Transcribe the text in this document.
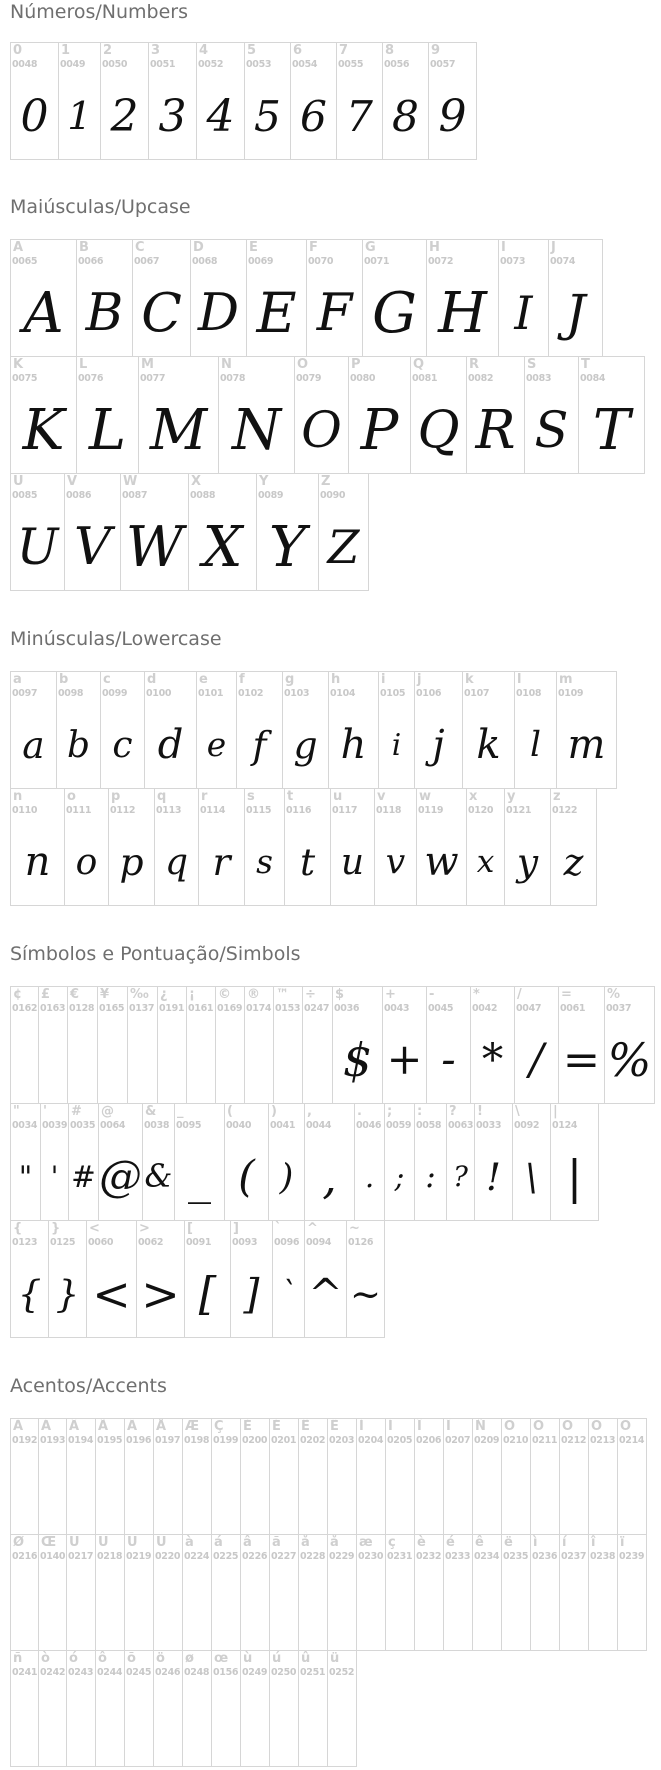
Números/Numbers
0
0048
0
1
0049
1
2
0050
2
3
0051
3
4
0052
4
5
0053
5
6
0054
6
7
0055
7
8
0056
8
9
0057
9
Maiúsculas/Upcase
A
0065
A
B
0066
B
C
0067
C
D
0068
D
E
0069
E
F
0070
F
G
0071
G
H
0072
H
I
0073
I
J
0074
J
K
0075
K
L
0076
L
M
0077
M
N
0078
N
O
0079
O
P
0080
P
Q
0081
Q
R
0082
R
S
0083
S
T
0084
T
U
0085
U
V
0086
V
W
0087
W
X
0088
X
Y
0089
Y
Z
0090
Z
Minúsculas/Lowercase
a
0097
a
b
0098
b
c
0099
c
d
0100
d
e
0101
e
f
0102
f
g
0103
g
h
0104
h
i
0105
i
j
0106
j
k
0107
k
l
0108
l
m
0109
m
n
0110
n
o
0111
o
p
0112
p
q
0113
q
r
0114
r
s
0115
s
t
0116
t
u
0117
u
v
0118
v
w
0119
w
x
0120
x
y
0121
y
z
0122
z
Símbolos e Pontuação/Simbols
¢
0162
£
0163
€
0128
¥
0165
‰
0137
¿
0191
¡
0161
©
0169
®
0174
™
0153
÷
0247
$
0036
$
+
0043
+
-
0045
-
*
0042
*
/
0047
/
=
0061
=
%
0037
%
"
0034
"
'
0039
'
#
0035
#
@
0064
@
&
0038
&
_
0095
_
(
0040
(
)
0041
)
,
0044
,
.
0046
.
;
0059
;
:
0058
:
?
0063
?
!
0033
!
\
0092
\
|
0124
|
{
0123
{
}
0125
}
<
0060
<
>
0062
>
[
0091
[
]
0093
]
`
0096
`
^
0094
^
~
0126
~
Acentos/Accents
À
0192
Á
0193
Â
0194
Ã
0195
Ä
0196
Å
0197
Æ
0198
Ç
0199
È
0200
É
0201
Ê
0202
Ë
0203
Ì
0204
Í
0205
Î
0206
Ï
0207
Ñ
0209
Ò
0210
Ó
0211
Ô
0212
Õ
0213
Ö
0214
Ø
0216
Œ
0140
Ù
0217
Ú
0218
Û
0219
Ü
0220
à
0224
á
0225
â
0226
ã
0227
å
0228
å
0229
æ
0230
ç
0231
è
0232
é
0233
ê
0234
ë
0235
ì
0236
í
0237
î
0238
ï
0239
ñ
0241
ò
0242
ó
0243
ô
0244
õ
0245
ö
0246
ø
0248
œ
0156
ù
0249
ú
0250
û
0251
ü
0252
